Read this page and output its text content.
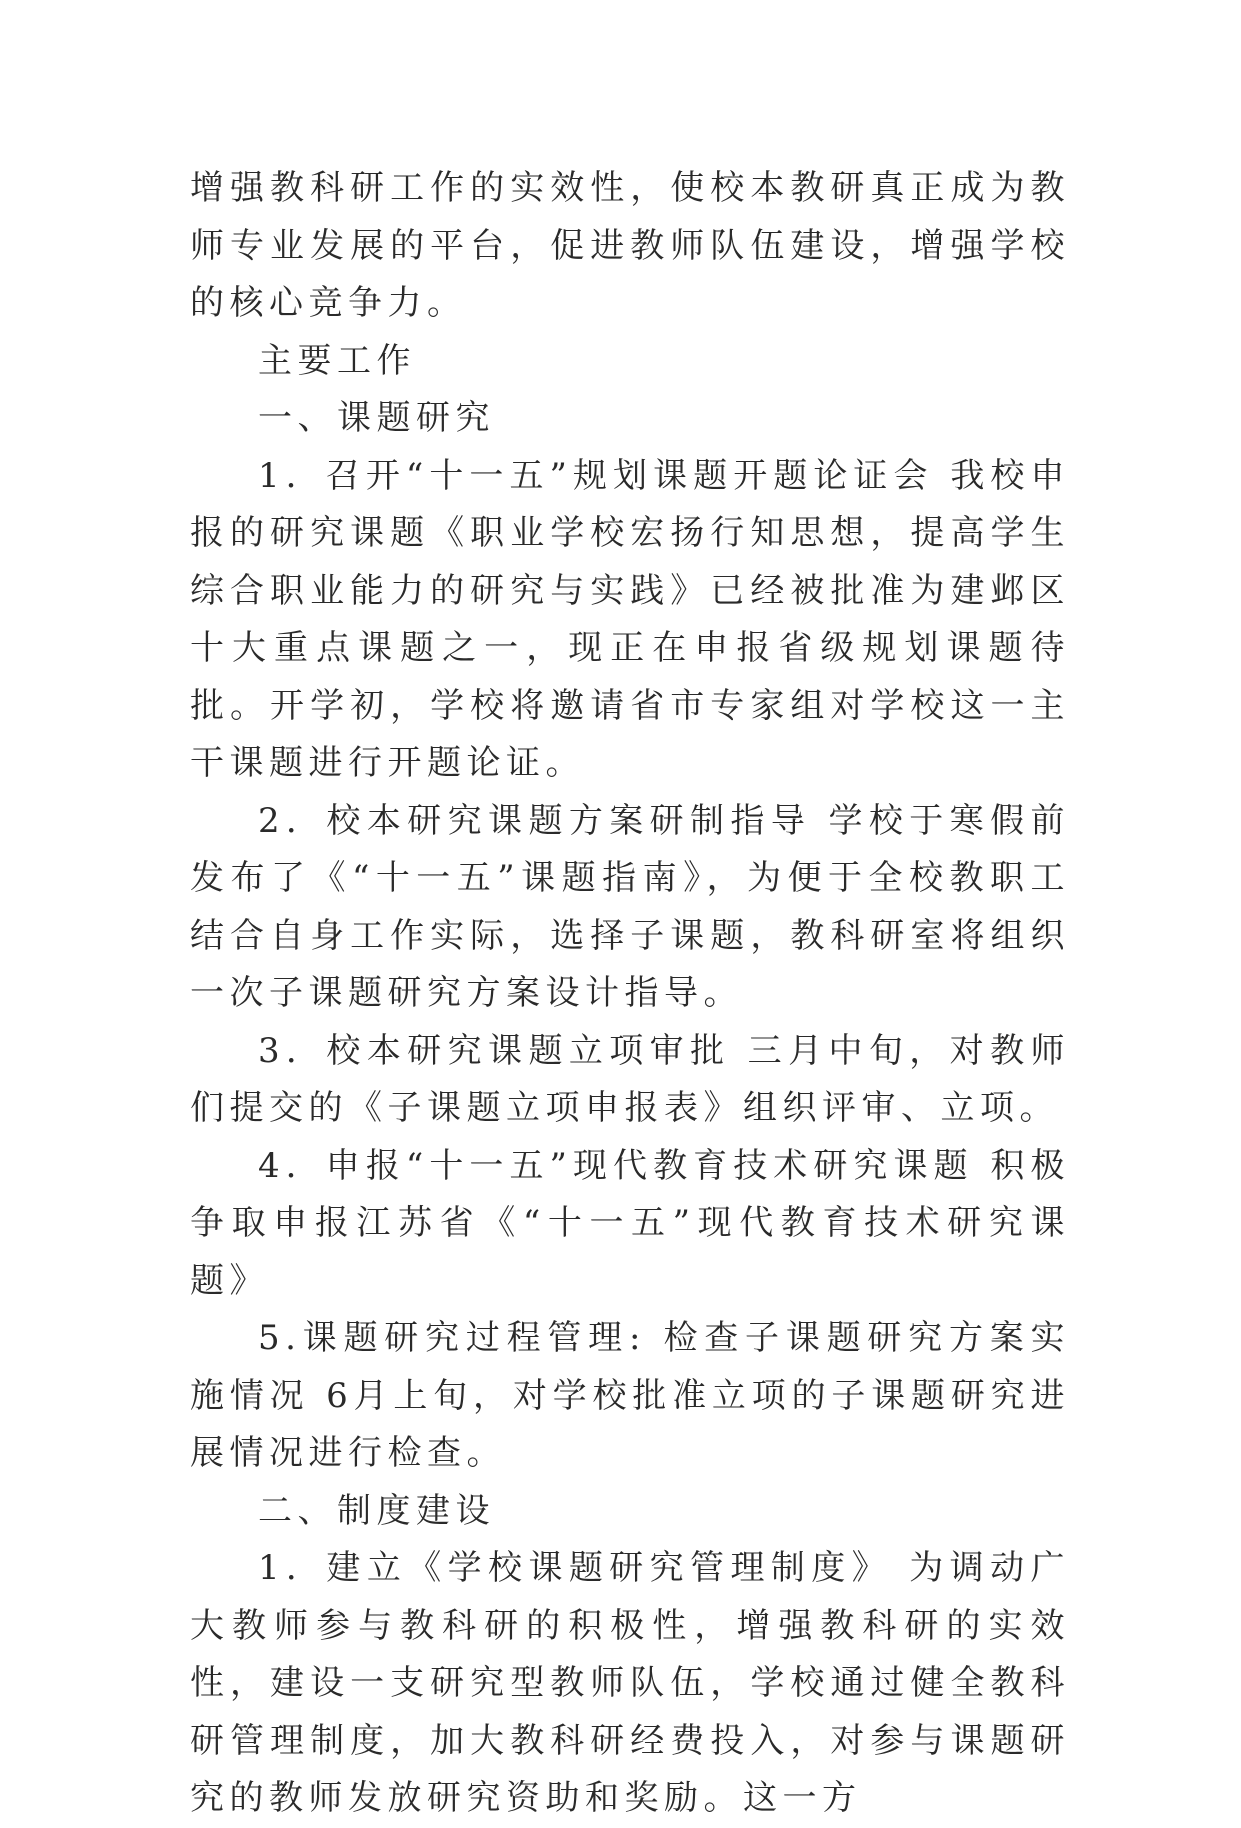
增强教科研工作的实效性，使校本教研真正成为教师专业发展的平台，促进教师队伍建设，增强学校的核心竞争力。

主要工作

一、课题研究

1．召开“十一五”规划课题开题论证会 我校申报的研究课题《职业学校宏扬行知思想，提高学生综合职业能力的研究与实践》已经被批准为建邺区十大重点课题之一，现正在申报省级规划课题待批。开学初，学校将邀请省市专家组对学校这一主干课题进行开题论证。

2．校本研究课题方案研制指导 学校于寒假前发布了《“十一五”课题指南》，为便于全校教职工结合自身工作实际，选择子课题，教科研室将组织一次子课题研究方案设计指导。

3．校本研究课题立项审批 三月中旬，对教师们提交的《子课题立项申报表》组织评审、立项。

4．申报“十一五”现代教育技术研究课题 积极争取申报江苏省《“十一五”现代教育技术研究课题》

5.课题研究过程管理: 检查子课题研究方案实施情况 6月上旬，对学校批准立项的子课题研究进展情况进行检查。

二、制度建设

1．建立《学校课题研究管理制度》 为调动广大教师参与教科研的积极性，增强教科研的实效性，建设一支研究型教师队伍，学校通过健全教科研管理制度，加大教科研经费投入，对参与课题研究的教师发放研究资助和奖励。这一方
